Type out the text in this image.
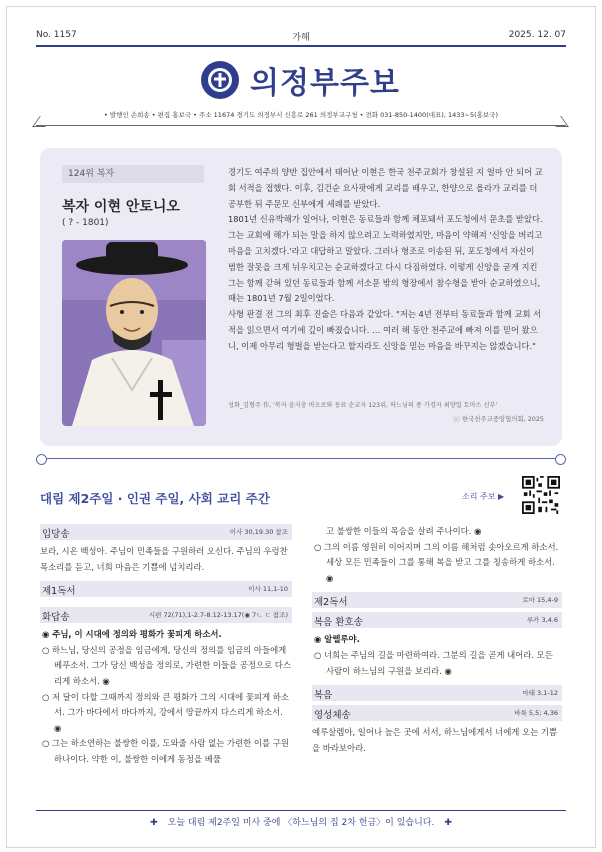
No. 1157	가해	2025. 12. 07
의정부주보
• 발행인 손희송 • 편집 홍보국 • 주소 11674 경기도 의정부시 신흥로 261 의정부교구청 • 전화 031-850-1400(대표), 1433~5(홍보국)
124위 복자
복자 이현 안토니오
( ? - 1801)

경기도 여주의 양반 집안에서 태어난 이현은 한국 천주교회가 창설된 지 얼마 안 되어 교회 서적을 접했다. 이후, 김건순 요사팟에게 교리를 배우고, 한양으로 올라가 교리를 더 공부한 뒤 주문모 신부에게 세례를 받았다.

1801년 신유박해가 일어나, 이현은 동료들과 함께 체포돼서 포도청에서 문초를 받았다. 그는 교회에 해가 되는 말을 하지 않으려고 노력하였지만, 마음이 약해져 '신앙을 버리고 마음을 고치겠다.'라고 대답하고 말았다. 그러나 형조로 이송된 뒤, 포도청에서 자신이 범한 잘못을 크게 뉘우치고는 순교하겠다고 다시 다짐하였다. 이렇게 신앙을 굳게 지킨 그는 함께 갇혀 있던 동료들과 함께 서소문 밖의 형장에서 참수형을 받아 순교하였으니, 때는 1801년 7월 2일이었다.

사형 판결 전 그의 최후 진술은 다음과 같았다. "저는 4년 전부터 동료들과 함께 교회 서적을 읽으면서 여기에 깊이 빠졌습니다. … 여러 해 동안 천주교에 빠져 이를 믿어 왔으니, 이제 아무리 형벌을 받는다고 할지라도 신앙을 믿는 마음을 바꾸지는 않겠습니다."

성화_김형주 作, '복자 윤지충 바오로와 동료 순교자 123위, 하느님의 종 가경자 최양업 토마스 신부'
ⓒ 한국천주교중앙협의회, 2025
대림 제2주일 · 인권 주일, 사회 교리 주간	소리 주보 ▶
입당송	이사 30,19.30 참조
보라, 시온 백성아. 주님이 민족들을 구원하러 오신다. 주님의 우렁찬 목소리를 듣고, 너희 마음은 기쁨에 넘치리라.
제1독서	이사 11,1-10
화답송	시편 72(71),1-2.7-8.12-13.17(◉ 7ㄴ ㄷ 참조)

◉ 주님, 이 시대에 정의와 평화가 꽃피게 하소서.

○ 하느님, 당신의 공정을 임금에게, 당신의 정의를 임금의 아들에게 베푸소서. 그가 당신 백성을 정의로, 가련한 이들을 공정으로 다스리게 하소서. ◉

○ 저 달이 다할 그때까지 정의와 큰 평화가 그의 시대에 꽃피게 하소서. 그가 바다에서 바다까지, 강에서 땅끝까지 다스리게 하소서. ◉

○ 그는 하소연하는 불쌍한 이를, 도와줄 사람 없는 가련한 이를 구원하나이다. 약한 이, 불쌍한 이에게 동정을 베풀

고 불쌍한 이들의 목숨을 살려 주나이다. ◉

○ 그의 이름 영원히 이어지며 그의 이름 해처럼 솟아오르게 하소서. 세상 모든 민족들이 그를 통해 복을 받고 그를 칭송하게 하소서. ◉

제2독서	로마 15,4-9
복음 환호송	루카 3,4.6

◉ 알렐루야.

○ 너희는 주님의 길을 마련하여라. 그분의 길을 곧게 내어라. 모든 사람이 하느님의 구원을 보리라. ◉

복음	마태 3,1-12
영성체송	바룩 5,5; 4,36
예루살렘아, 일어나 높은 곳에 서서, 하느님에게서 너에게 오는 기쁨을 바라보아라.
✚ 오늘 대림 제2주일 미사 중에 〈하느님의 집 2차 헌금〉이 있습니다. ✚
